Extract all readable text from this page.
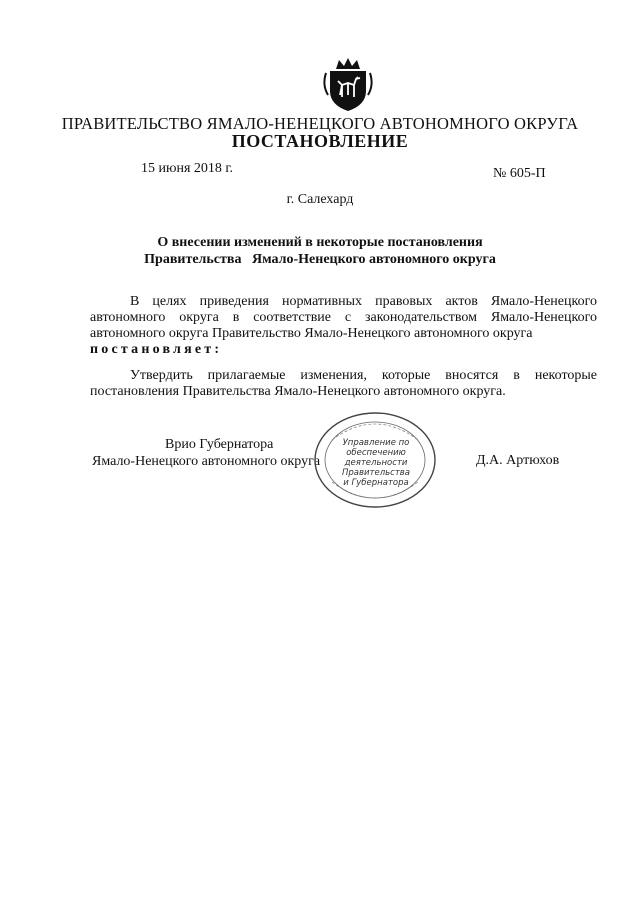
ПРАВИТЕЛЬСТВО ЯМАЛО-НЕНЕЦКОГО АВТОНОМНОГО ОКРУГА
ПОСТАНОВЛЕНИЕ
15 июня 2018 г.	№ 605-П
г. Салехард
О внесении изменений в некоторые постановления
Правительства   Ямало-Ненецкого автономного округа
В целях приведения нормативных правовых актов Ямало-Ненецкого автономного округа в соответствие с законодательством Ямало-Ненецкого автономного округа Правительство Ямало-Ненецкого автономного округа
постановляет:
Утвердить прилагаемые изменения, которые вносятся в некоторые постановления Правительства Ямало-Ненецкого автономного округа.
Врио Губернатора
Ямало-Ненецкого автономного округа	Д.А. Артюхов
Управление по
обеспечению
деятельности
Правительства
и Губернатора
